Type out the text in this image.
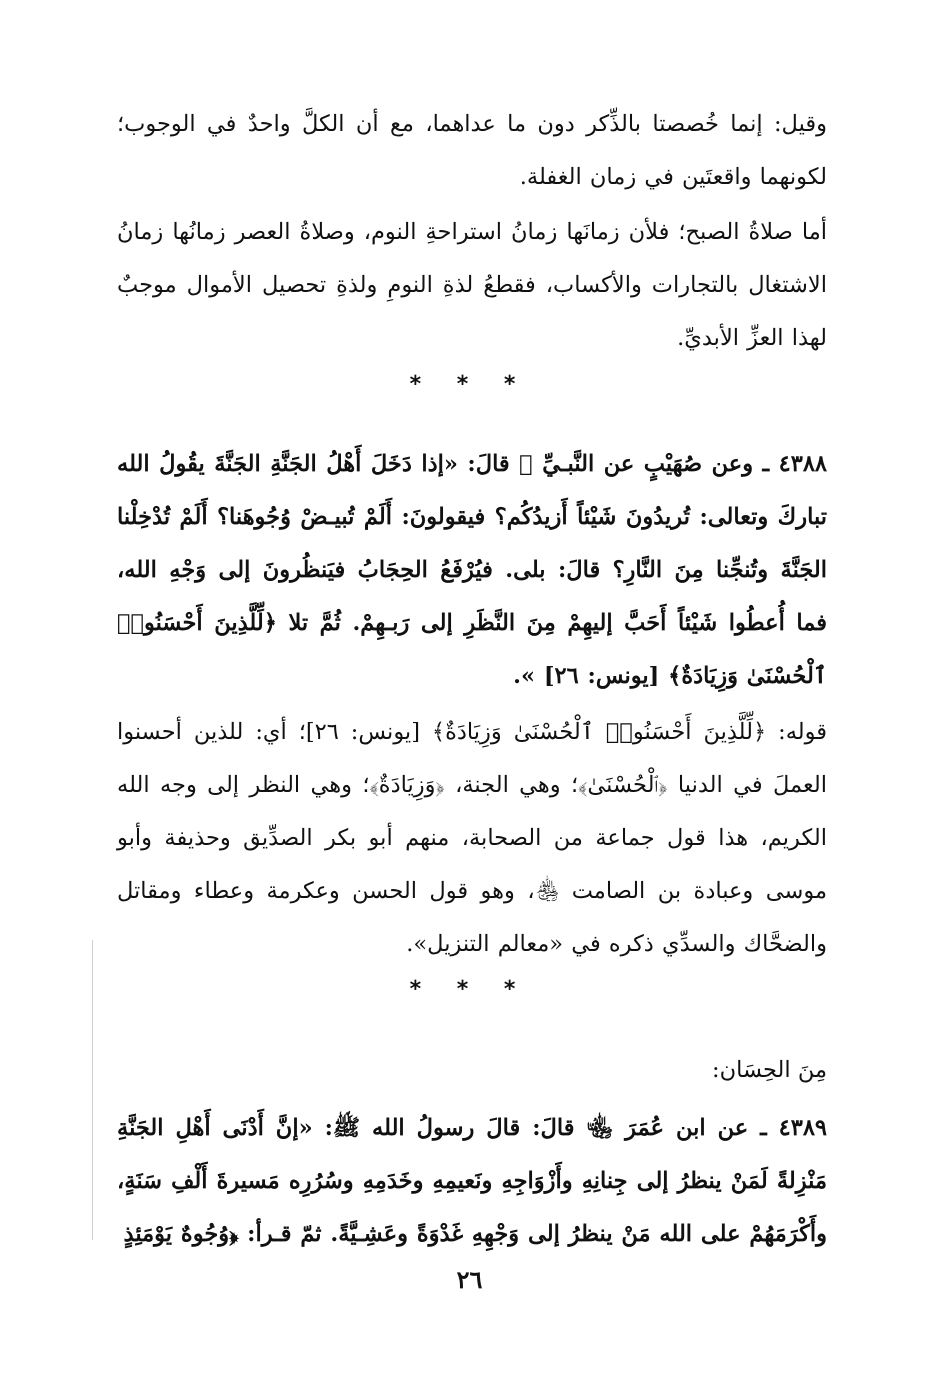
وقيل: إنما خُصصتا بالذِّكر دون ما عداهما، مع أن الكلَّ واحدٌ في الوجوب؛ لكونهما واقعتَين في زمان الغفلة.

أما صلاةُ الصبح؛ فلأن زمانَها زمانُ استراحةِ النوم، وصلاةُ العصر زمانُها زمانُ الاشتغال بالتجارات والأكساب، فقطعُ لذةِ النومِ ولذةِ تحصيل الأموال موجبٌ لهذا العزِّ الأبديِّ.

* * *

٤٣٨٨ ـ وعن صُهَيْبٍ عن النَّبـيِّ ﷺ قالَ: «إذا دَخَلَ أَهْلُ الجَنَّةِ الجَنَّةَ يقُولُ الله تباركَ وتعالى: تُريدُونَ شَيْئاً أَزيدُكُم؟ فيقولونَ: أَلَمْ تُبيـضْ وُجُوهَنا؟ أَلَمْ تُدْخِلْنا الجَنَّةَ وتُنجِّنا مِنَ النَّارِ؟ قالَ: بلى. فيُرْفَعُ الحِجَابُ فيَنظُرونَ إلى وَجْهِ الله، فما أُعطُوا شَيْئاً أَحَبَّ إليهِمْ مِنَ النَّظَرِ إلى رَبـهِمْ. ثُمَّ تلا ﴿لِّلَّذِينَ أَحْسَنُوا۟ ٱلْحُسْنَىٰ وَزِيَادَةٌ﴾ [يونس: ٢٦] ».

قوله: ﴿لِّلَّذِينَ أَحْسَنُوا۟ ٱلْحُسْنَىٰ وَزِيَادَةٌ﴾ [يونس: ٢٦]؛ أي: للذين أحسنوا العملَ في الدنيا ﴿ٱلْحُسْنَىٰ﴾؛ وهي الجنة، ﴿وَزِيَادَةٌ﴾؛ وهي النظر إلى وجه الله الكريم، هذا قول جماعة من الصحابة، منهم أبو بكر الصدِّيق وحذيفة وأبو موسى وعبادة بن الصامت ﵃، وهو قول الحسن وعكرمة وعطاء ومقاتل والضحَّاك والسدِّي ذكره في «معالم التنزيل».

* * *
مِنَ الحِسَان:

٤٣٨٩ ـ عن ابن عُمَرَ ﵄ قالَ: قالَ رسولُ الله ﷺ: «إنَّ أَدْنَى أَهْلِ الجَنَّةِ مَنْزِلةً لَمَنْ ينظرُ إلى جِنانِهِ وأَزْوَاجِهِ ونَعيمِهِ وخَدَمِهِ وسُرُرِه مَسيرةَ أَلْفِ سَنَةٍ، وأَكْرَمَهُمْ على الله مَنْ ينظرُ إلى وَجْهِهِ غَدْوَةً وعَشِـيَّةً. ثمّ قـرأ: ﴿وُجُوهٌ يَوْمَئِذٍ

٢٦
